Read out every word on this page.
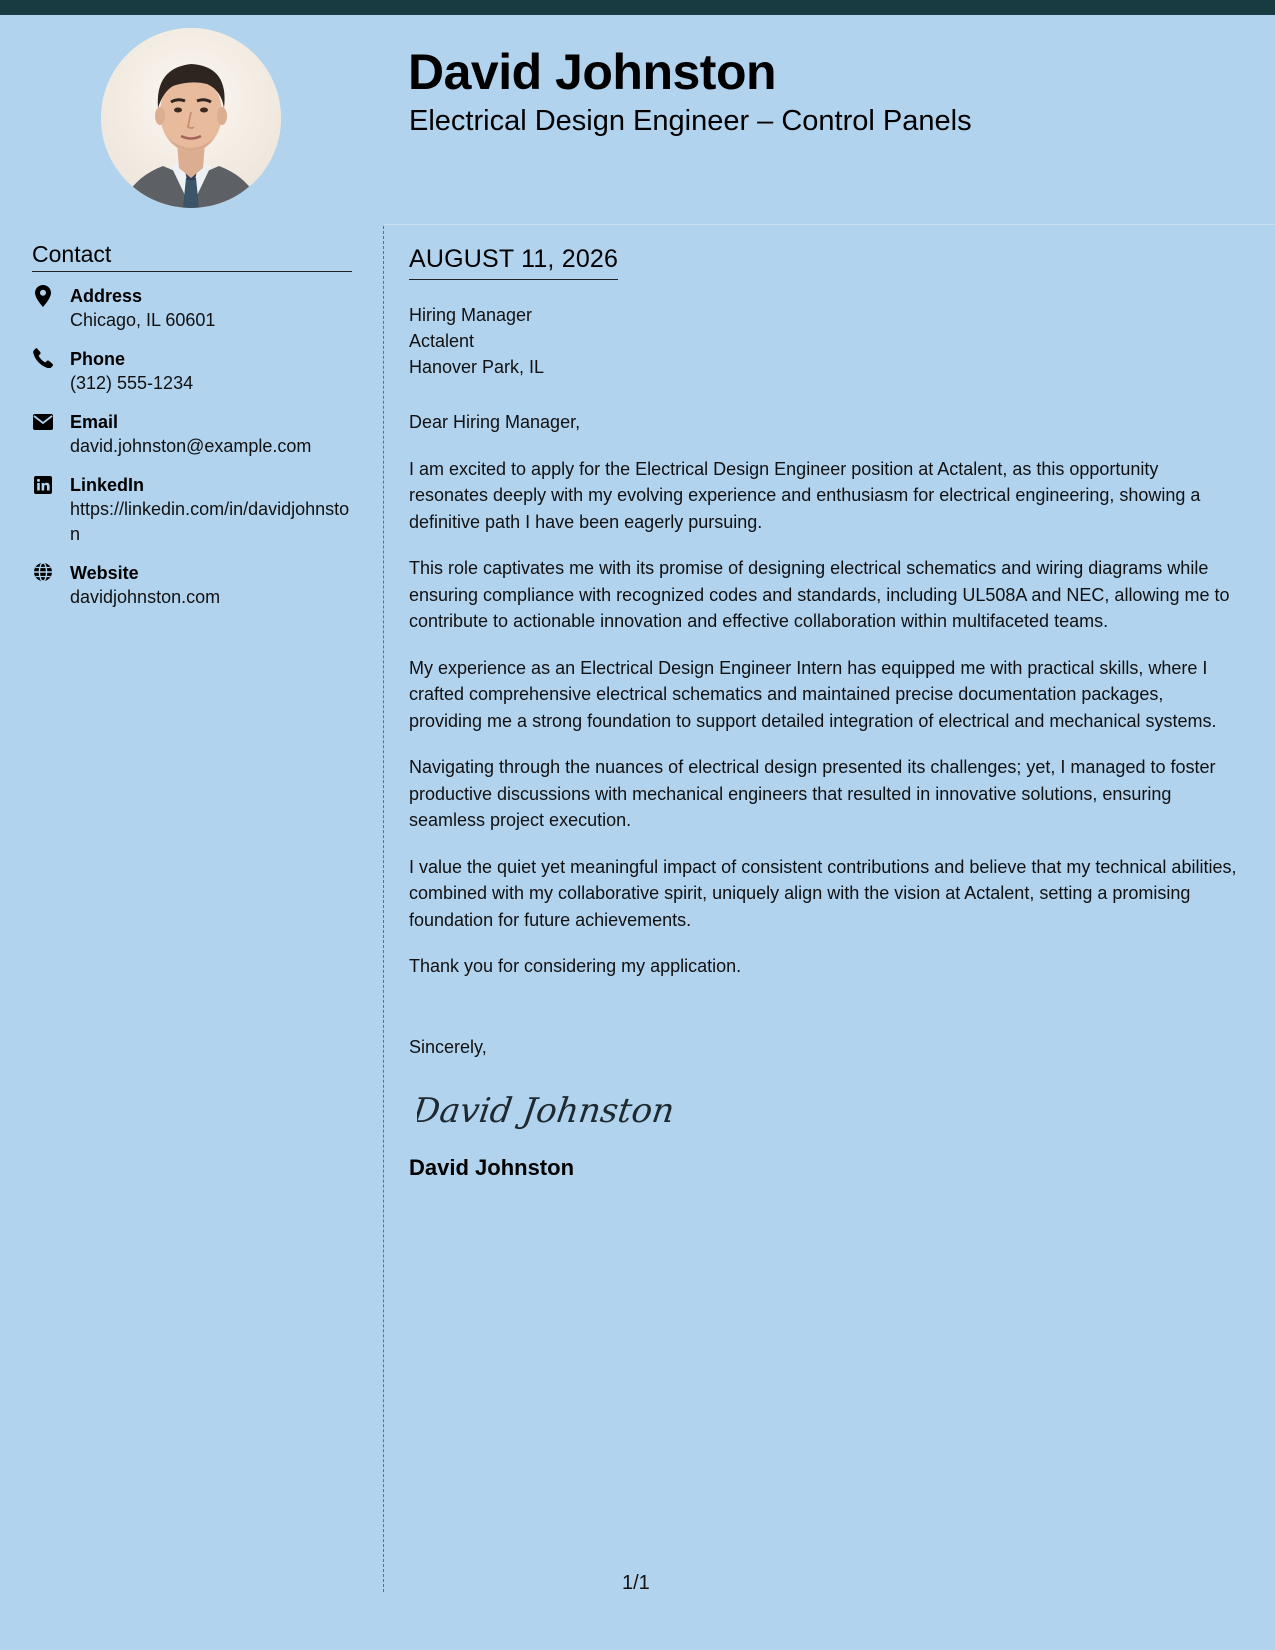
David Johnston
Electrical Design Engineer – Control Panels
Contact
Address
Chicago, IL 60601
Phone
(312) 555-1234
Email
david.johnston@example.com
LinkedIn
https://linkedin.com/in/davidjohnston
Website
davidjohnston.com
AUGUST 11, 2026
Hiring Manager
Actalent
Hanover Park, IL
Dear Hiring Manager,

I am excited to apply for the Electrical Design Engineer position at Actalent, as this opportunity resonates deeply with my evolving experience and enthusiasm for electrical engineering, showing a definitive path I have been eagerly pursuing.

This role captivates me with its promise of designing electrical schematics and wiring diagrams while ensuring compliance with recognized codes and standards, including UL508A and NEC, allowing me to contribute to actionable innovation and effective collaboration within multifaceted teams.

My experience as an Electrical Design Engineer Intern has equipped me with practical skills, where I crafted comprehensive electrical schematics and maintained precise documentation packages, providing me a strong foundation to support detailed integration of electrical and mechanical systems.

Navigating through the nuances of electrical design presented its challenges; yet, I managed to foster productive discussions with mechanical engineers that resulted in innovative solutions, ensuring seamless project execution.

I value the quiet yet meaningful impact of consistent contributions and believe that my technical abilities, combined with my collaborative spirit, uniquely align with the vision at Actalent, setting a promising foundation for future achievements.

Thank you for considering my application.

Sincerely,
David Johnston
David Johnston
1/1
